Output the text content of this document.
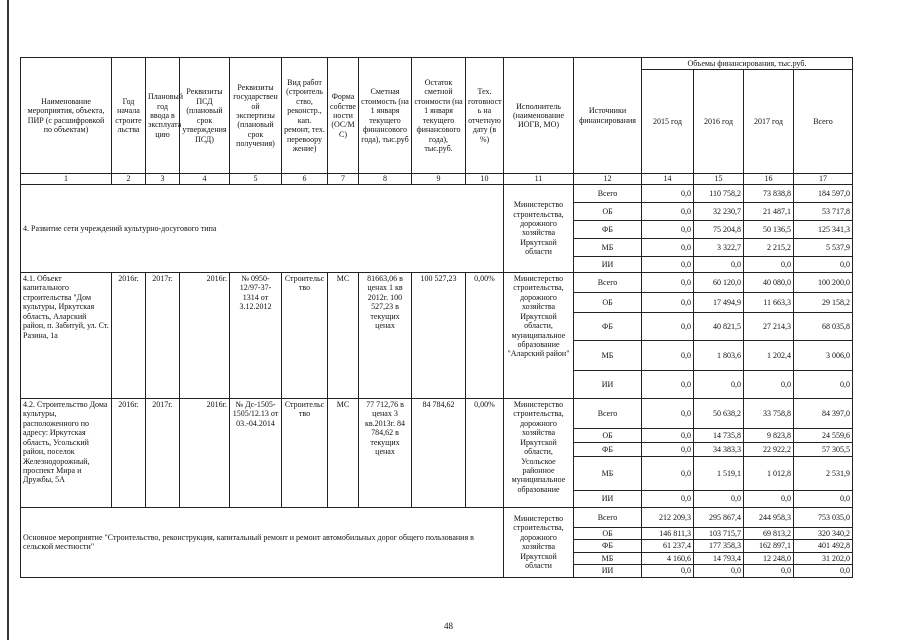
Наименование мероприятия, объекта, ПИР (с расшифровкой по объектам)	Год начала строите льства	Плановый год ввода в эксплуата цию	Реквизиты ПСД (плановый срок утверждения ПСД)	Реквизиты государствен ой экспертизы (плановый срок получения)	Вид работ (строитель ство, реконстр., кап. ремонт, тех. перевоору жение)	Форма собстве ности (ОС/М С)	Сметная стоимость (на 1 января текущего финансового года), тыс.руб	Остаток сметной стоимости (на 1 января текущего финансового года), тыс.руб.	Тех. готовност ь на отчетную дату (в %)	Исполнитель (наименование ИОГВ, МО)	Источники финансирования	Объемы финансирования, тыс.руб.			
												2015 год	2016 год	2017 год	Всего
1	2	3	4	5	6	7	8	9	10	11	12	14	15	16	17
4. Развитие сети учреждений культурно-досугового типа										Министерство строительства, дорожного хозяйства Иркутской области	Всего	0,0	110 758,2	73 838,8	184 597,0
											ОБ	0,0	32 230,7	21 487,1	53 717,8
											ФБ	0,0	75 204,8	50 136,5	125 341,3
											МБ	0,0	3 322,7	2 215,2	5 537,9
											ИИ	0,0	0,0	0,0	0,0
4.1. Объект капитального строительства "Дом культуры, Иркутская область, Аларский район, п. Забитуй, ул. Ст. Разина, 1а	2016г.	2017г.	2016г.	№ 0950-12/97-37-1314 от 3.12.2012	Строительс тво	МС	81663,06 в ценах 1 кв 2012г. 100 527,23 в текущих ценах	100 527,23	0,00%	Министерство строительства, дорожного хозяйства Иркутской области, муниципальное образование "Аларский район"	Всего	0,0	60 120,0	40 080,0	100 200,0
											ОБ	0,0	17 494,9	11 663,3	29 158,2
											ФБ	0,0	40 821,5	27 214,3	68 035,8
											МБ	0,0	1 803,6	1 202,4	3 006,0
											ИИ	0,0	0,0	0,0	0,0
4.2. Строительство Дома культуры, расположенного по адресу: Иркутская область, Усольский район, поселок Железнодорожный, проспект Мира и Дружбы, 5А	2016г.	2017г.	2016г.	№ Дс-1505-1505/12.13 от 03.-04.2014	Строительс тво	МС	77 712,76 в ценах 3 кв.2013г. 84 784,62 в текущих ценах	84 784,62	0,00%	Министерство строительства, дорожного хозяйства Иркутской области, Усольское районное муниципальное образование	Всего	0,0	50 638,2	33 758,8	84 397,0
											ОБ	0,0	14 735,8	9 823,8	24 559,6
											ФБ	0,0	34 383,3	22 922,2	57 305,5
											МБ	0,0	1 519,1	1 012,8	2 531,9
											ИИ	0,0	0,0	0,0	0,0
Основное мероприятие "Строительство, реконструкция, капитальный ремонт и ремонт автомобильных дорог общего пользования в сельской местности"										Министерство строительства, дорожного хозяйства Иркутской области	Всего	212 209,3	295 867,4	244 958,3	753 035,0
											ОБ	146 811,3	103 715,7	69 813,2	320 340,2
											ФБ	61 237,4	177 358,3	162 897,1	401 492,8
											МБ	4 160,6	14 793,4	12 248,0	31 202,0
											ИИ	0,0	0,0	0,0	0,0
48
